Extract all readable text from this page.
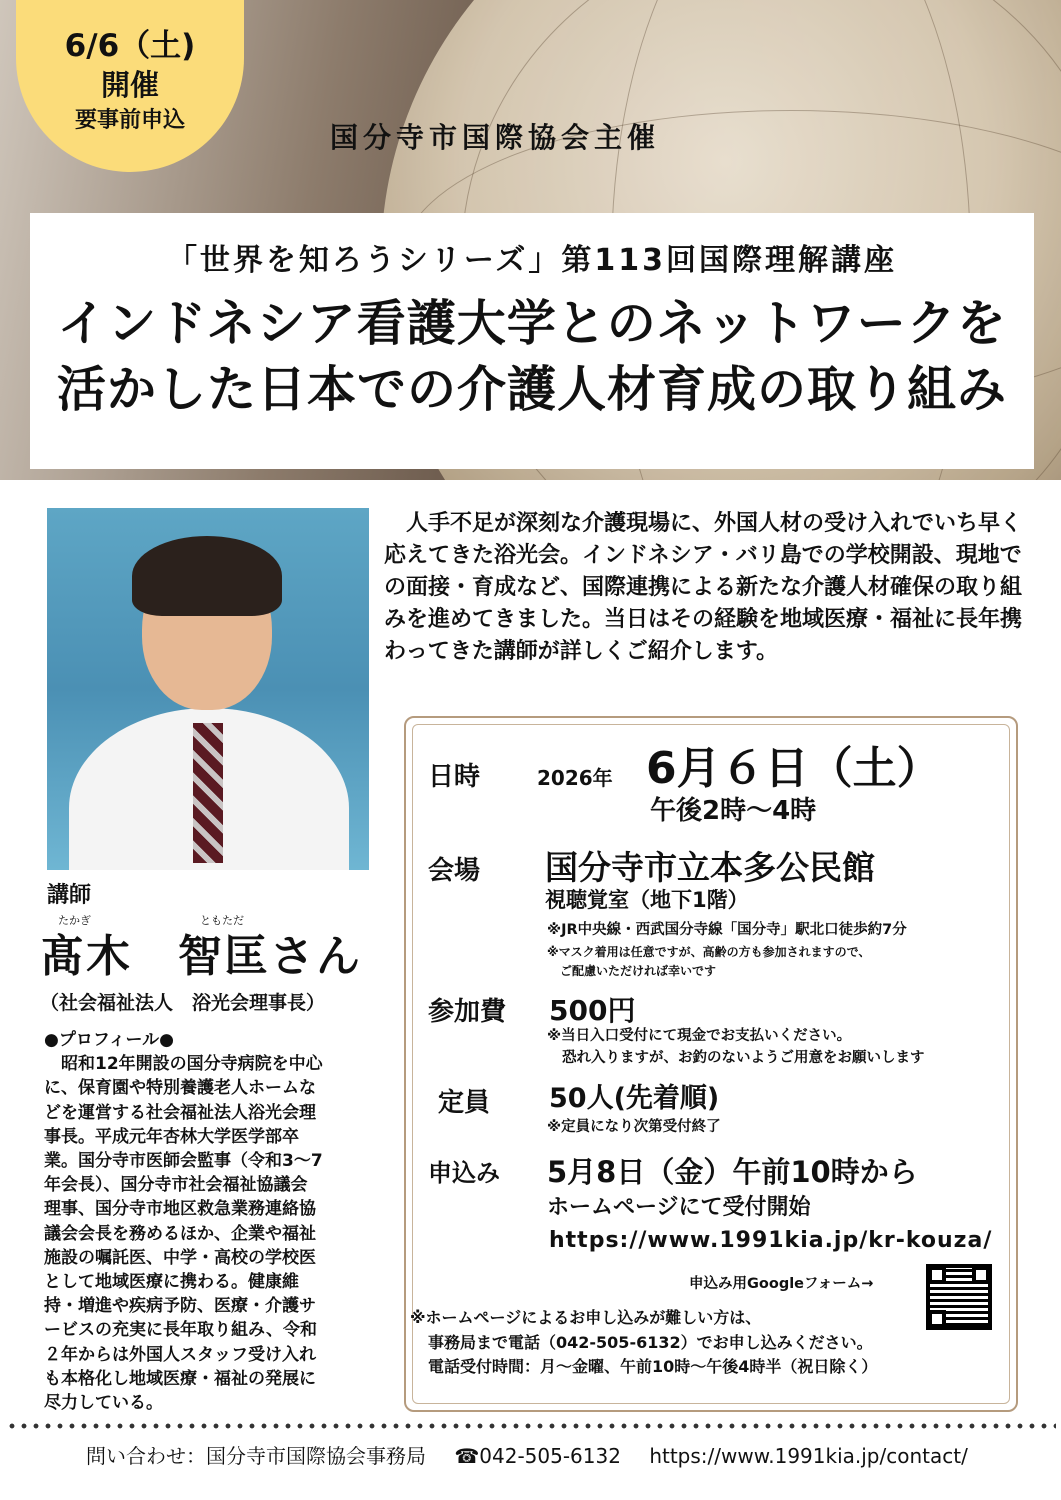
6/6（土)
開催
要事前申込
国分寺市国際協会主催
「世界を知ろうシリーズ」第113回国際理解講座
インドネシア看護大学とのネットワークを
活かした日本での介護人材育成の取り組み
講師
たかぎ	ともただ
髙木　智匡さん
（社会福祉法人　浴光会理事長）

●プロフィール●

　昭和12年開設の国分寺病院を中心

に、保育園や特別養護老人ホームな

どを運営する社会福祉法人浴光会理

事長。平成元年杏林大学医学部卒

業。国分寺市医師会監事（令和3～7

年会長）、国分寺市社会福祉協議会

理事、国分寺市地区救急業務連絡協

議会会長を務めるほか、企業や福祉

施設の嘱託医、中学・高校の学校医

として地域医療に携わる。健康維

持・増進や疾病予防、医療・介護サ

ービスの充実に長年取り組み、令和

２年からは外国人スタッフ受け入れ

も本格化し地域医療・福祉の発展に

尽力している。

人手不足が深刻な介護現場に、外国人材の受け入れでいち早く応えてきた浴光会。インドネシア・バリ島での学校開設、現地での面接・育成など、国際連携による新たな介護人材確保の取り組みを進めてきました。当日はその経験を地域医療・福祉に長年携わってきた講師が詳しくご紹介します。
日時	2026年 6月６日（土）
午後2時～4時
会場 国分寺市立本多公民館
視聴覚室（地下1階）
※JR中央線・西武国分寺線「国分寺」駅北口徒歩約7分
※マスク着用は任意ですが、高齢の方も参加されますので、
ご配慮いただければ幸いです
参加費 500円
※当日入口受付にて現金でお支払いください。
恐れ入りますが、お釣のないようご用意をお願いします
定員 50人(先着順)
※定員になり次第受付終了
申込み 5月8日（金）午前10時から
ホームページにて受付開始
https://www.1991kia.jp/kr-kouza/
申込み用Googleフォーム→
※ホームページによるお申し込みが難しい方は、
事務局まで電話（042-505-6132）でお申し込みください。
電話受付時間：月～金曜、午前10時～午後4時半（祝日除く）
問い合わせ：国分寺市国際協会事務局 ☎042-505-6132 https://www.1991kia.jp/contact/
